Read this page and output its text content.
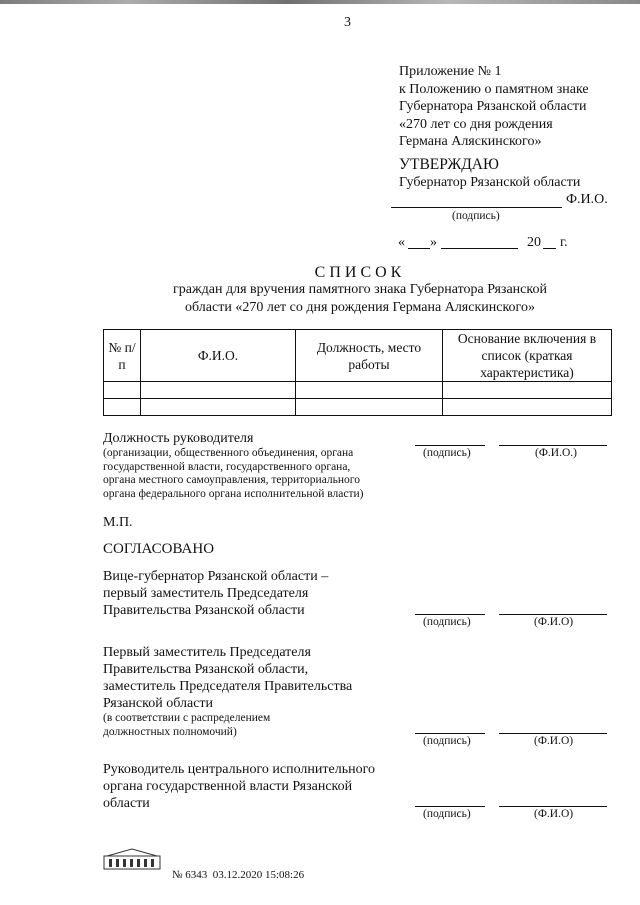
3
Приложение № 1
к Положению о памятном знаке
Губернатора Рязанской области
«270 лет со дня рождения
Германа Аляскинского»
УТВЕРЖДАЮ
Губернатор Рязанской области
Ф.И.О.
(подпись)
« »	20 г.
СПИСОК
граждан для вручения памятного знака Губернатора Рязанской
области «270 лет со дня рождения Германа Аляскинского»
№ п/п	Ф.И.О.	Должность, место работы	Основание включения в список (краткая характеристика)

Должность руководителя
(организации, общественного объединения, органа
государственной власти, государственного органа,
органа местного самоуправления, территориального
органа федерального органа исполнительной власти)
(подпись)	(Ф.И.О.)
М.П.
СОГЛАСОВАНО
Вице-губернатор Рязанской области –
первый заместитель Председателя
Правительства Рязанской области
(подпись)	(Ф.И.О)
Первый заместитель Председателя
Правительства Рязанской области,
заместитель Председателя Правительства
Рязанской области
(в соответствии с распределением
должностных полномочий)
(подпись)	(Ф.И.О)
Руководитель центрального исполнительного
органа государственной власти Рязанской
области
(подпись)	(Ф.И.О)
№ 6343 03.12.2020 15:08:26
